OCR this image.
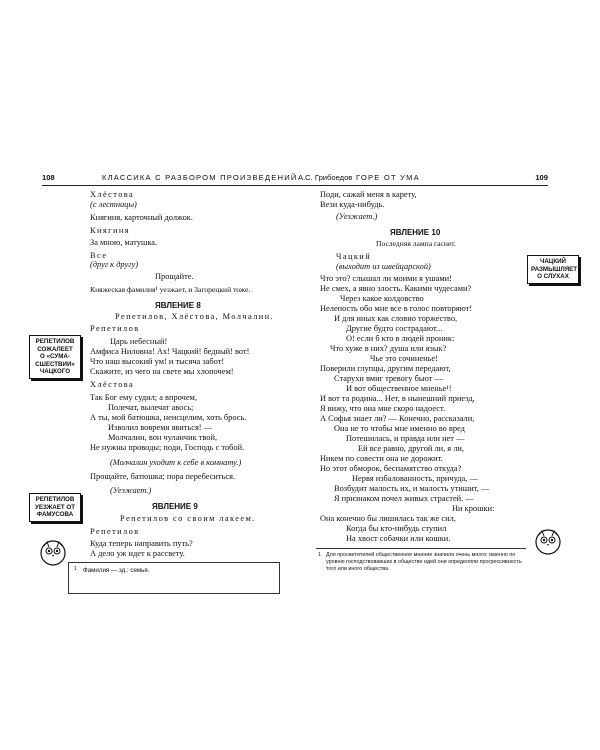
108	КЛАССИКА С РАЗБОРОМ ПРОИЗВЕДЕНИЙ А.С. Грибоедов ГОРЕ ОТ УМА	109
Хлёстова
(с лестницы)
Княгиня, карточный должок.
Княгиня
За мною, матушка.
Все
(друг к другу)
Прощайте.
Княжеская фамилия¹ уезжает, и Загорецкий тоже.
ЯВЛЕНИЕ 8
Репетилов, Хлёстова, Молчалин.
Репетилов
Царь небесный!
Амфиса Ниловна! Ах! Чацкий! бедный! вот!
Что наш высокий ум! и тысяча забот!
Скажите, из чего на свете мы хлопочем!
Хлёстова
Так Бог ему судил; а впрочем,
Полечат, вылечат авось;
А ты, мой батюшка, неисцелим, хоть брось.
Изволил вовремя явиться! —
Молчалин, вон чуланчик твой,
Не нужны проводы; поди, Господь с тобой.
(Молчалин уходит к себе в комнату.)
Прощайте, батюшка; пора перебеситься.
(Уезжает.)
ЯВЛЕНИЕ 9
Репетилов со своим лакеем.
Репетилов
Куда теперь направить путь?
А дело уж идет к рассвету.
1 Фамилия — зд.: семья.
Поди, сажай меня в карету,
Вези куда-нибудь.
(Уезжает.)
ЯВЛЕНИЕ 10
Последняя лампа гаснет.
Чацкий
(выходит из швейцарской)
Что это? слышал ли моими я ушами!
Не смех, а явно злость. Какими чудесами?
Через какое колдовство
Нелепость обо мне все в голос повторяют!
И для иных как словно торжество,
Другие будто сострадают...
О! если б кто в людей проник:
Что хуже в них? душа или язык?
Чье это сочиненье!
Поверили глупцы, другим передают,
Старухи вмиг тревогу бьют —
И вот общественное мненье¹!
И вот та родина... Нет, в нынешний приезд,
Я вижу, что она мне скоро надоест.
А Софья знает ли? — Конечно, рассказали,
Она не то чтобы мне именно во вред
Потешилась, и правда или нет —
Ей все равно, другой ли, я ли,
Никем по совести она не дорожит.
Но этот обморок, беспамятство откуда?
Нервя избалованность, причуда, —
Возбудит малость их, и малость утишит, —
Я признаком почел живых страстей. —
Ни крошки:
Она конечно бы лишилась так же сил,
Когда бы кто-нибудь ступил
На хвост собачки или кошки.
1 Для просветителей общественное мнение значило очень много: именно по уровню господствовавших в обществе идей они определяли прогрессивность того или иного общества.
РЕПЕТИЛОВ
СОЖАЛЕЕТ
О «СУМА-
СШЕСТВИИ»
ЧАЦКОГО
РЕПЕТИЛОВ
УЕЗЖАЕТ ОТ
ФАМУСОВА
ЧАЦКИЙ
РАЗМЫШЛЯЕТ
О СЛУХАХ
